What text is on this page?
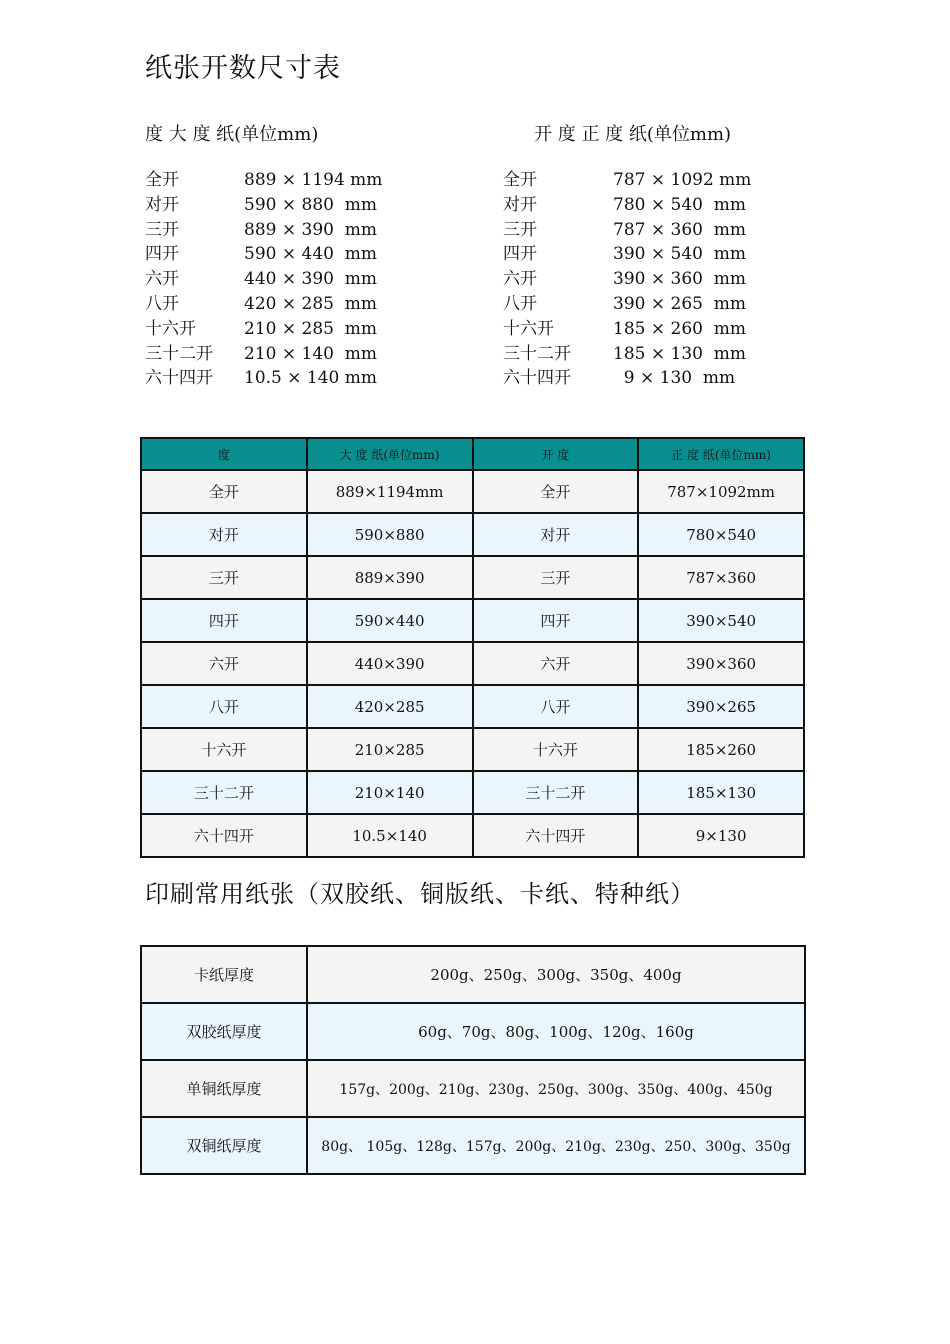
纸张开数尺寸表
度 大 度 纸(单位mm)	开 度 正 度 纸(单位mm)
全开	889 × 1194 mm
对开	590 × 880  mm
三开	889 × 390  mm
四开	590 × 440  mm
六开	440 × 390  mm
八开	420 × 285  mm
十六开	210 × 285  mm
三十二开 210 × 140  mm
六十四开 10.5 × 140 mm
全开	787 × 1092 mm
对开	780 × 540  mm
三开	787 × 360  mm
四开	390 × 540  mm
六开	390 × 360  mm
八开	390 × 265  mm
十六开	185 × 260  mm
三十二开 185 × 130  mm
六十四开 9 × 130  mm
度	大 度 纸(单位mm)	开 度	正 度 纸(单位mm)
全开	889×1194mm	全开	787×1092mm
对开	590×880	对开	780×540
三开	889×390	三开	787×360
四开	590×440	四开	390×540
六开	440×390	六开	390×360
八开	420×285	八开	390×265
十六开	210×285	十六开	185×260
三十二开	210×140	三十二开	185×130
六十四开	10.5×140	六十四开	9×130
印刷常用纸张（双胶纸、铜版纸、卡纸、特种纸）
卡纸厚度	200g、250g、300g、350g、400g
双胶纸厚度	60g、70g、80g、100g、120g、160g
单铜纸厚度	157g、200g、210g、230g、250g、300g、350g、400g、450g
双铜纸厚度	80g、 105g、128g、157g、200g、210g、230g、250、300g、350g
